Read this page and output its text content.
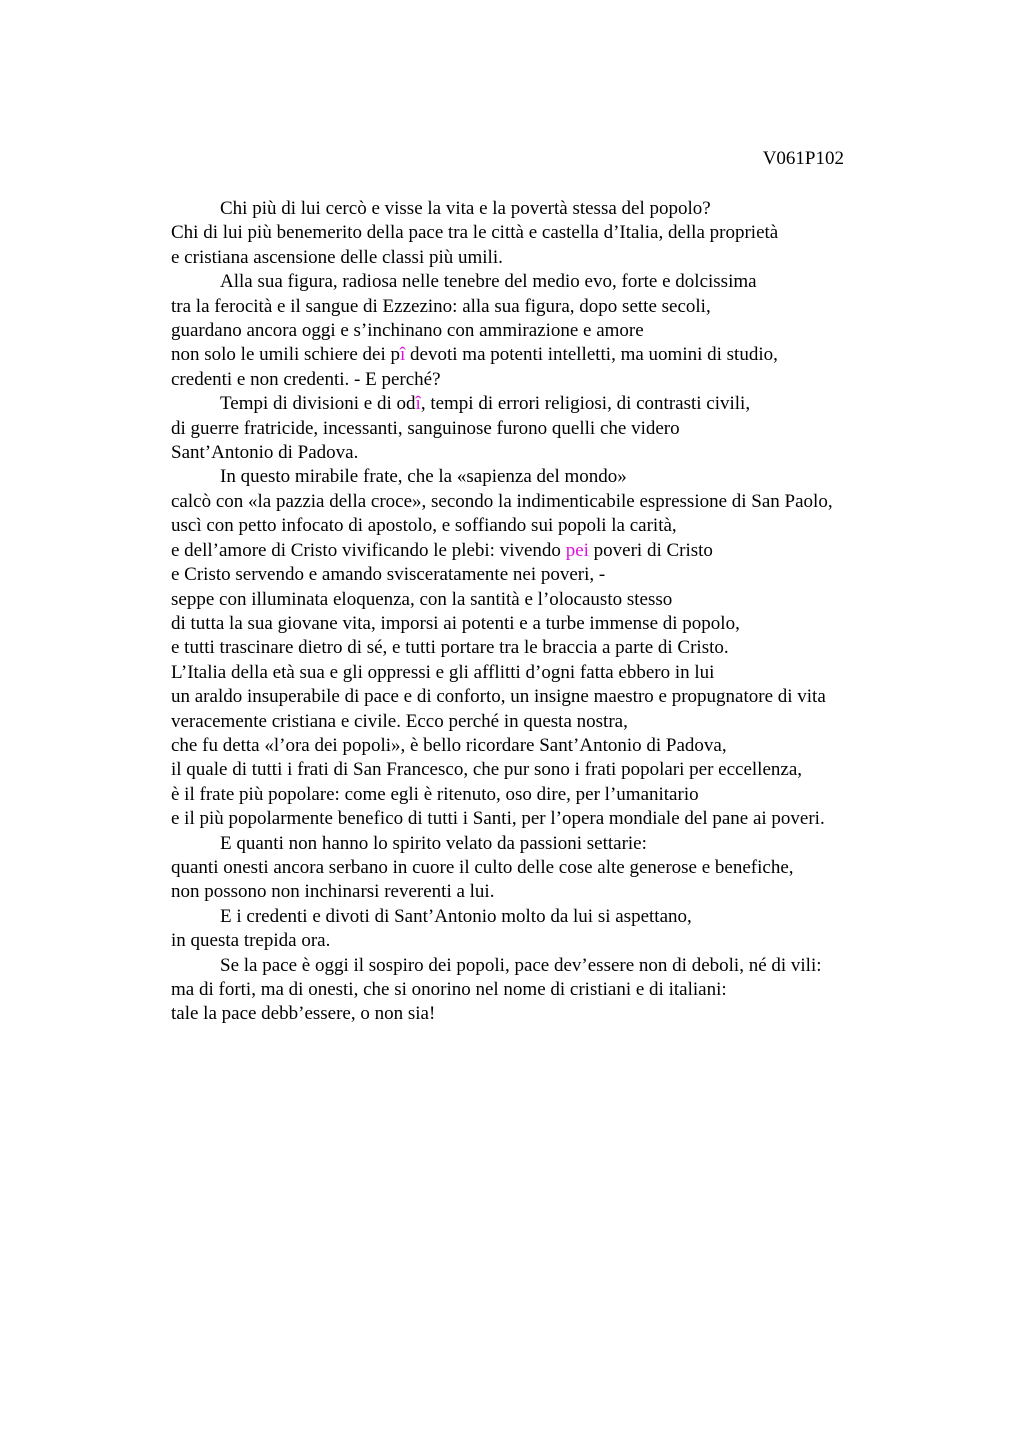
V061P102
Chi più di lui cercò e visse la vita e la povertà stessa del popolo?
Chi di lui più benemerito della pace tra le città e castella d’Italia, della proprietà
e cristiana ascensione delle classi più umili.
Alla sua figura, radiosa nelle tenebre del medio evo, forte e dolcissima
tra la ferocità e il sangue di Ezzezino: alla sua figura, dopo sette secoli,
guardano ancora oggi e s’inchinano con ammirazione e amore
non solo le umili schiere dei pî devoti ma potenti intelletti, ma uomini di studio,
credenti e non credenti. - E perché?
Tempi di divisioni e di odî, tempi di errori religiosi, di contrasti civili,
di guerre fratricide, incessanti, sanguinose furono quelli che videro
Sant’Antonio di Padova.
In questo mirabile frate, che la «sapienza del mondo»
calcò con «la pazzia della croce», secondo la indimenticabile espressione di San Paolo,
uscì con petto infocato di apostolo, e soffiando sui popoli la carità,
e dell’amore di Cristo vivificando le plebi: vivendo pei poveri di Cristo
e Cristo servendo e amando svisceratamente nei poveri, -
seppe con illuminata eloquenza, con la santità e l’olocausto stesso
di tutta la sua giovane vita, imporsi ai potenti e a turbe immense di popolo,
e tutti trascinare dietro di sé, e tutti portare tra le braccia a parte di Cristo.
L’Italia della età sua e gli oppressi e gli afflitti d’ogni fatta ebbero in lui
un araldo insuperabile di pace e di conforto, un insigne maestro e propugnatore di vita
veracemente cristiana e civile. Ecco perché in questa nostra,
che fu detta «l’ora dei popoli», è bello ricordare Sant’Antonio di Padova,
il quale di tutti i frati di San Francesco, che pur sono i frati popolari per eccellenza,
è il frate più popolare: come egli è ritenuto, oso dire, per l’umanitario
e il più popolarmente benefico di tutti i Santi, per l’opera mondiale del pane ai poveri.
E quanti non hanno lo spirito velato da passioni settarie:
quanti onesti ancora serbano in cuore il culto delle cose alte generose e benefiche,
non possono non inchinarsi reverenti a lui.
E i credenti e divoti di Sant’Antonio molto da lui si aspettano,
in questa trepida ora.
Se la pace è oggi il sospiro dei popoli, pace dev’essere non di deboli, né di vili:
ma di forti, ma di onesti, che si onorino nel nome di cristiani e di italiani:
tale la pace debb’essere, o non sia!
